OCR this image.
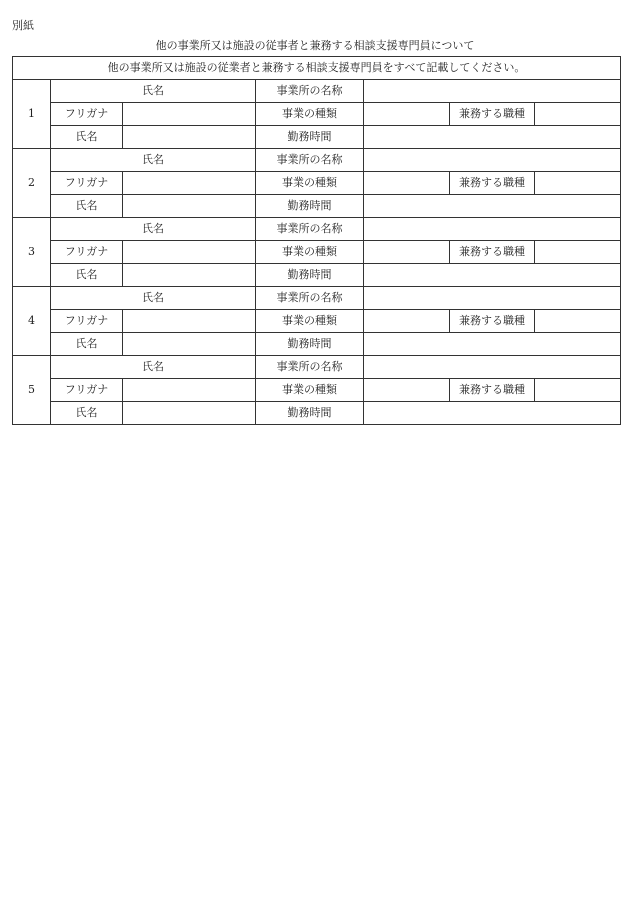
別紙
他の事業所又は施設の従事者と兼務する相談支援専門員について
他の事業所又は施設の従業者と兼務する相談支援専門員をすべて記載してください。						
1	氏名		事業所の名称			
	フリガナ		事業の種類		兼務する職種	
	氏名		勤務時間			
2	氏名		事業所の名称			
	フリガナ		事業の種類		兼務する職種	
	氏名		勤務時間			
3	氏名		事業所の名称			
	フリガナ		事業の種類		兼務する職種	
	氏名		勤務時間			
4	氏名		事業所の名称			
	フリガナ		事業の種類		兼務する職種	
	氏名		勤務時間			
5	氏名		事業所の名称			
	フリガナ		事業の種類		兼務する職種	
	氏名		勤務時間			
